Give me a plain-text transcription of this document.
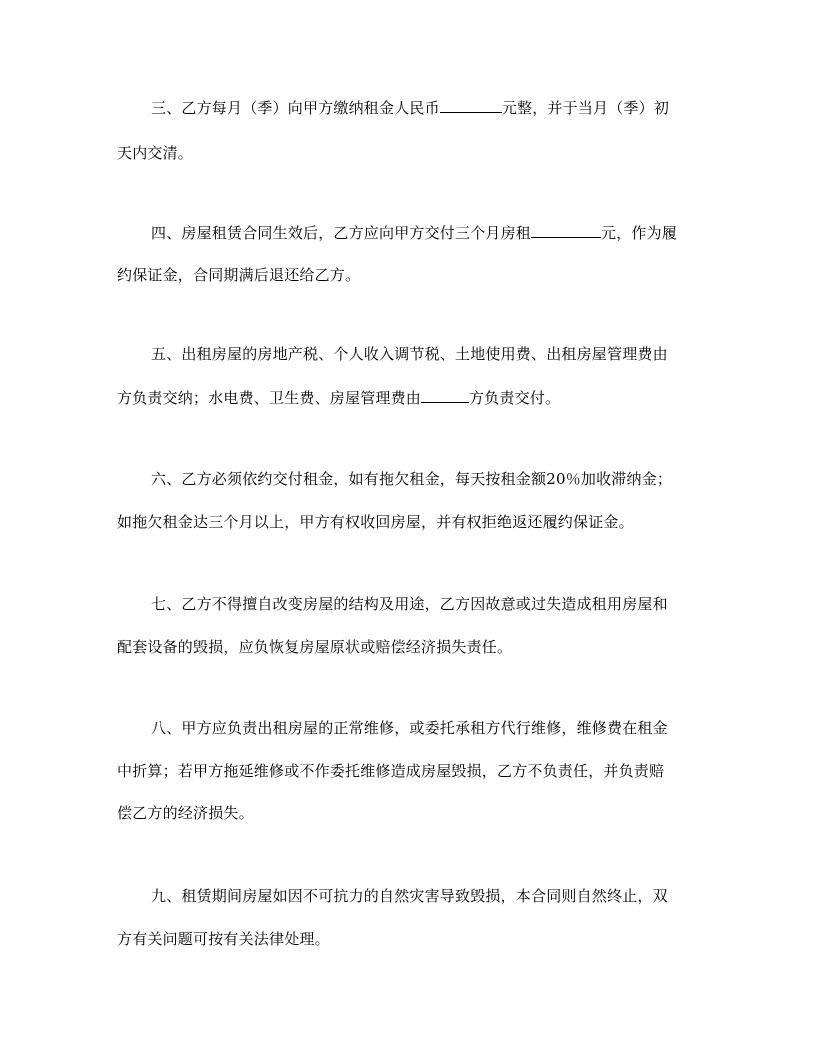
三、乙方每月（季）向甲方缴纳租金人民币	元整，并于当月（季）初
天内交清。
四、房屋租赁合同生效后，乙方应向甲方交付三个月房租	元，作为履
约保证金，合同期满后退还给乙方。
五、出租房屋的房地产税、个人收入调节税、土地使用费、出租房屋管理费由
方负责交纳；水电费、卫生费、房屋管理费由	方负责交付。
六、乙方必须依约交付租金，如有拖欠租金，每天按租金额20％加收滞纳金；
如拖欠租金达三个月以上，甲方有权收回房屋，并有权拒绝返还履约保证金。
七、乙方不得擅自改变房屋的结构及用途，乙方因故意或过失造成租用房屋和
配套设备的毁损，应负恢复房屋原状或赔偿经济损失责任。
八、甲方应负责出租房屋的正常维修，或委托承租方代行维修，维修费在租金
中折算；若甲方拖延维修或不作委托维修造成房屋毁损，乙方不负责任，并负责赔
偿乙方的经济损失。
九、租赁期间房屋如因不可抗力的自然灾害导致毁损，本合同则自然终止，双
方有关问题可按有关法律处理。
